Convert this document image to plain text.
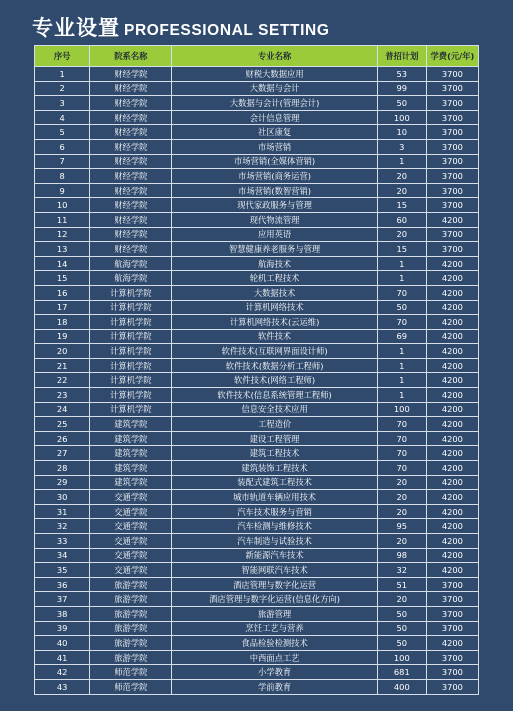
专业设置 PROFESSIONAL SETTING
序号	院系名称	专业名称	普招计划	学费(元/年)
1	财经学院	财税大数据应用	53	3700
2	财经学院	大数据与会计	99	3700
3	财经学院	大数据与会计(管理会计)	50	3700
4	财经学院	会计信息管理	100	3700
5	财经学院	社区康复	10	3700
6	财经学院	市场营销	3	3700
7	财经学院	市场营销(全媒体营销)	1	3700
8	财经学院	市场营销(商务运营)	20	3700
9	财经学院	市场营销(数智营销)	20	3700
10	财经学院	现代家政服务与管理	15	3700
11	财经学院	现代物流管理	60	4200
12	财经学院	应用英语	20	3700
13	财经学院	智慧健康养老服务与管理	15	3700
14	航海学院	航海技术	1	4200
15	航海学院	轮机工程技术	1	4200
16	计算机学院	大数据技术	70	4200
17	计算机学院	计算机网络技术	50	4200
18	计算机学院	计算机网络技术(云运维)	70	4200
19	计算机学院	软件技术	69	4200
20	计算机学院	软件技术(互联网界面设计师)	1	4200
21	计算机学院	软件技术(数据分析工程师)	1	4200
22	计算机学院	软件技术(网络工程师)	1	4200
23	计算机学院	软件技术(信息系统管理工程师)	1	4200
24	计算机学院	信息安全技术应用	100	4200
25	建筑学院	工程造价	70	4200
26	建筑学院	建设工程管理	70	4200
27	建筑学院	建筑工程技术	70	4200
28	建筑学院	建筑装饰工程技术	70	4200
29	建筑学院	装配式建筑工程技术	20	4200
30	交通学院	城市轨道车辆应用技术	20	4200
31	交通学院	汽车技术服务与营销	20	4200
32	交通学院	汽车检测与维修技术	95	4200
33	交通学院	汽车制造与试验技术	20	4200
34	交通学院	新能源汽车技术	98	4200
35	交通学院	智能网联汽车技术	32	4200
36	旅游学院	酒店管理与数字化运营	51	3700
37	旅游学院	酒店管理与数字化运营(信息化方向)	20	3700
38	旅游学院	旅游管理	50	3700
39	旅游学院	烹饪工艺与营养	50	3700
40	旅游学院	食品检验检测技术	50	4200
41	旅游学院	中西面点工艺	100	3700
42	师范学院	小学教育	681	3700
43	师范学院	学前教育	400	3700
